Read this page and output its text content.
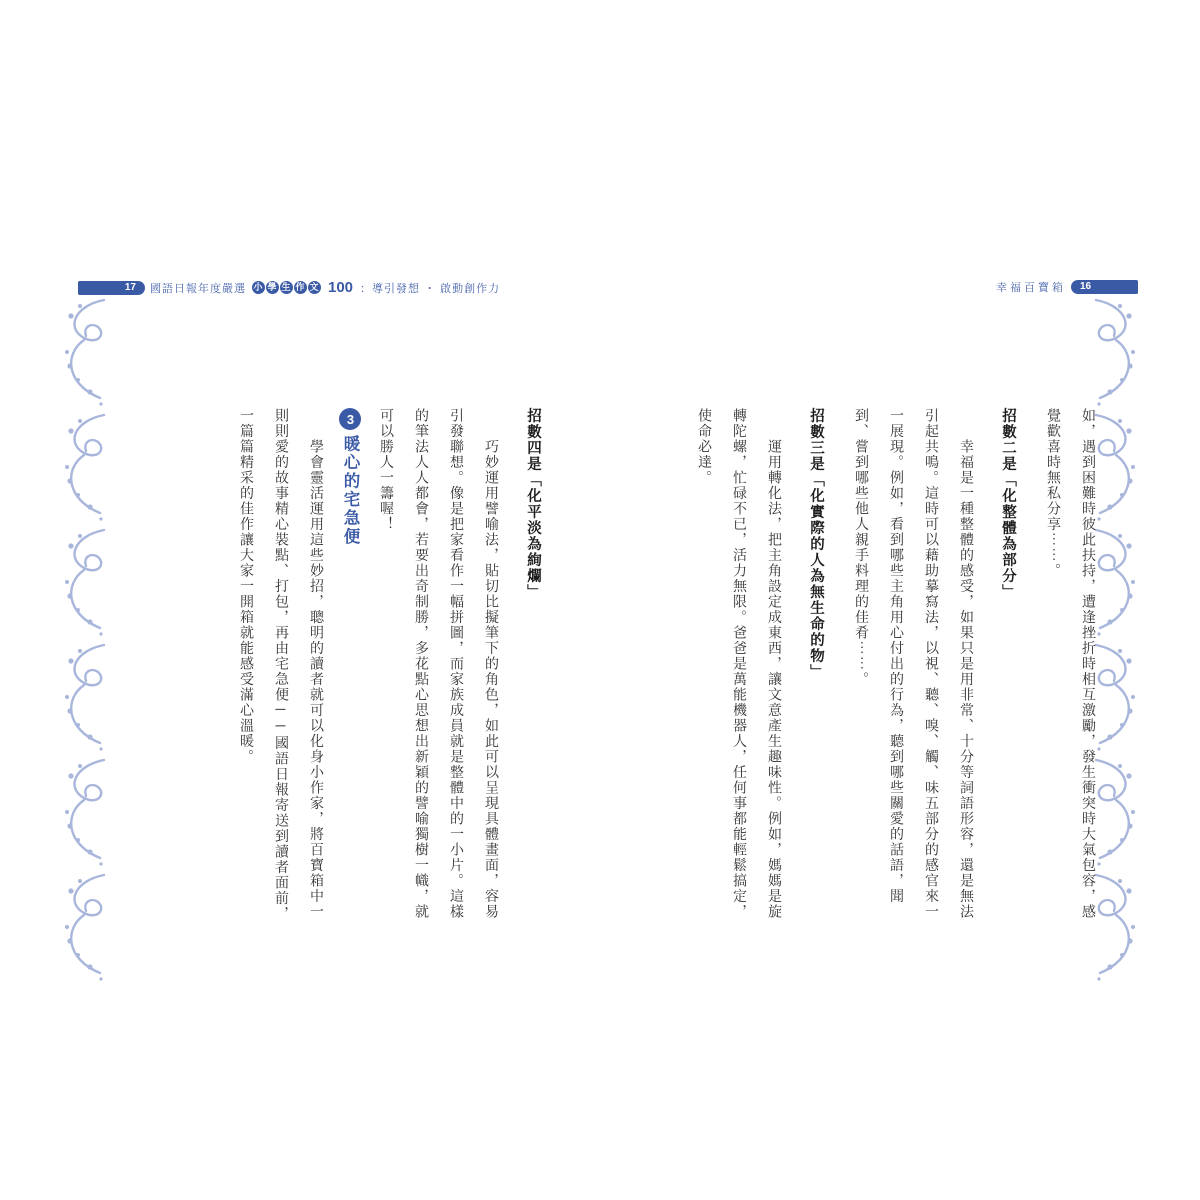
17	國語日報年度嚴選 小 學 生 作 文 100 ：導引發想 ・ 啟動創作力	幸福百寶箱	16

如，遇到困難時彼此扶持，遭逢挫折時相互激勵，發生衝突時大氣包容，感覺歡喜時無私分享⋯⋯。

招數二是「化整體為部分」

幸福是一種整體的感受，如果只是用非常、十分等詞語形容，還是無法引起共鳴。這時可以藉助摹寫法，以視、聽、嗅、觸、味五部分的感官來一一展現。例如，看到哪些主角用心付出的行為，聽到哪些關愛的話語，聞到、嘗到哪些他人親手料理的佳肴⋯⋯。

招數三是「化實際的人為無生命的物」

運用轉化法，把主角設定成東西，讓文意產生趣味性。例如，媽媽是旋轉陀螺，忙碌不已，活力無限。爸爸是萬能機器人，任何事都能輕鬆搞定，使命必達。

招數四是「化平淡為絢爛」

巧妙運用譬喻法，貼切比擬筆下的角色，如此可以呈現具體畫面，容易引發聯想。像是把家看作一幅拼圖，而家族成員就是整體中的一小片。這樣的筆法人人都會，若要出奇制勝，多花點心思想出新穎的譬喻獨樹一幟，就可以勝人一籌喔！

3暖心的宅急便

學會靈活運用這些妙招，聰明的讀者就可以化身小作家，將百寶箱中一則則愛的故事精心裝點、打包，再由宅急便──國語日報寄送到讀者面前，一篇篇精采的佳作讓大家一開箱就能感受滿心溫暖。
